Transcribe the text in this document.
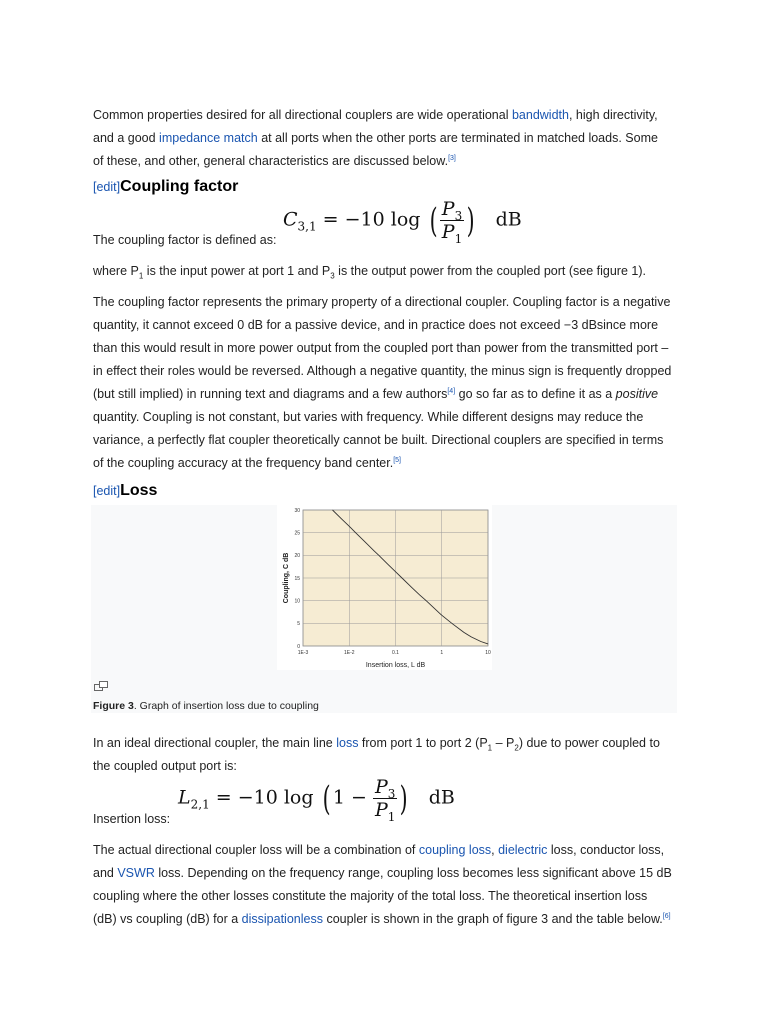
Common properties desired for all directional couplers are wide operational bandwidth, high directivity, and a good impedance match at all ports when the other ports are terminated in matched loads. Some of these, and other, general characteristics are discussed below.[3]

[edit]Coupling factor
$C_{3,1} = -10$ log ( $\frac{P_3}{P_1}$ ) dB

The coupling factor is defined as:

where $P_1$ is the input power at port 1 and $P_3$ is the output power from the coupled port (see figure 1).

The coupling factor represents the primary property of a directional coupler. Coupling factor is a negative quantity, it cannot exceed 0 dB for a passive device, and in practice does not exceed −3 dBsince more than this would result in more power output from the coupled port than power from the transmitted port – in effect their roles would be reversed. Although a negative quantity, the minus sign is frequently dropped (but still implied) in running text and diagrams and a few authors[4] go so far as to define it as a positive quantity. Coupling is not constant, but varies with frequency. While different designs may reduce the variance, a perfectly flat coupler theoretically cannot be built. Directional couplers are specified in terms of the coupling accuracy at the frequency band center.[5]

[edit]Loss
1E-3	1E-2	0.1	1	10
0
5
10
15
20
25
30
Insertion loss, L dB
Coupling, C dB
Figure 3. Graph of insertion loss due to coupling

In an ideal directional coupler, the main line loss from port 1 to port 2 $(P_1 - P_2)$ due to power coupled to the coupled output port is:

$L_{2,1} = -10$ log ( $1 - \frac{P_3}{P_1}$ ) dB

Insertion loss:

The actual directional coupler loss will be a combination of coupling loss, dielectric loss, conductor loss, and VSWR loss. Depending on the frequency range, coupling loss becomes less significant above 15 dB coupling where the other losses constitute the majority of the total loss. The theoretical insertion loss (dB) vs coupling (dB) for a dissipationless coupler is shown in the graph of figure 3 and the table below.[6]
